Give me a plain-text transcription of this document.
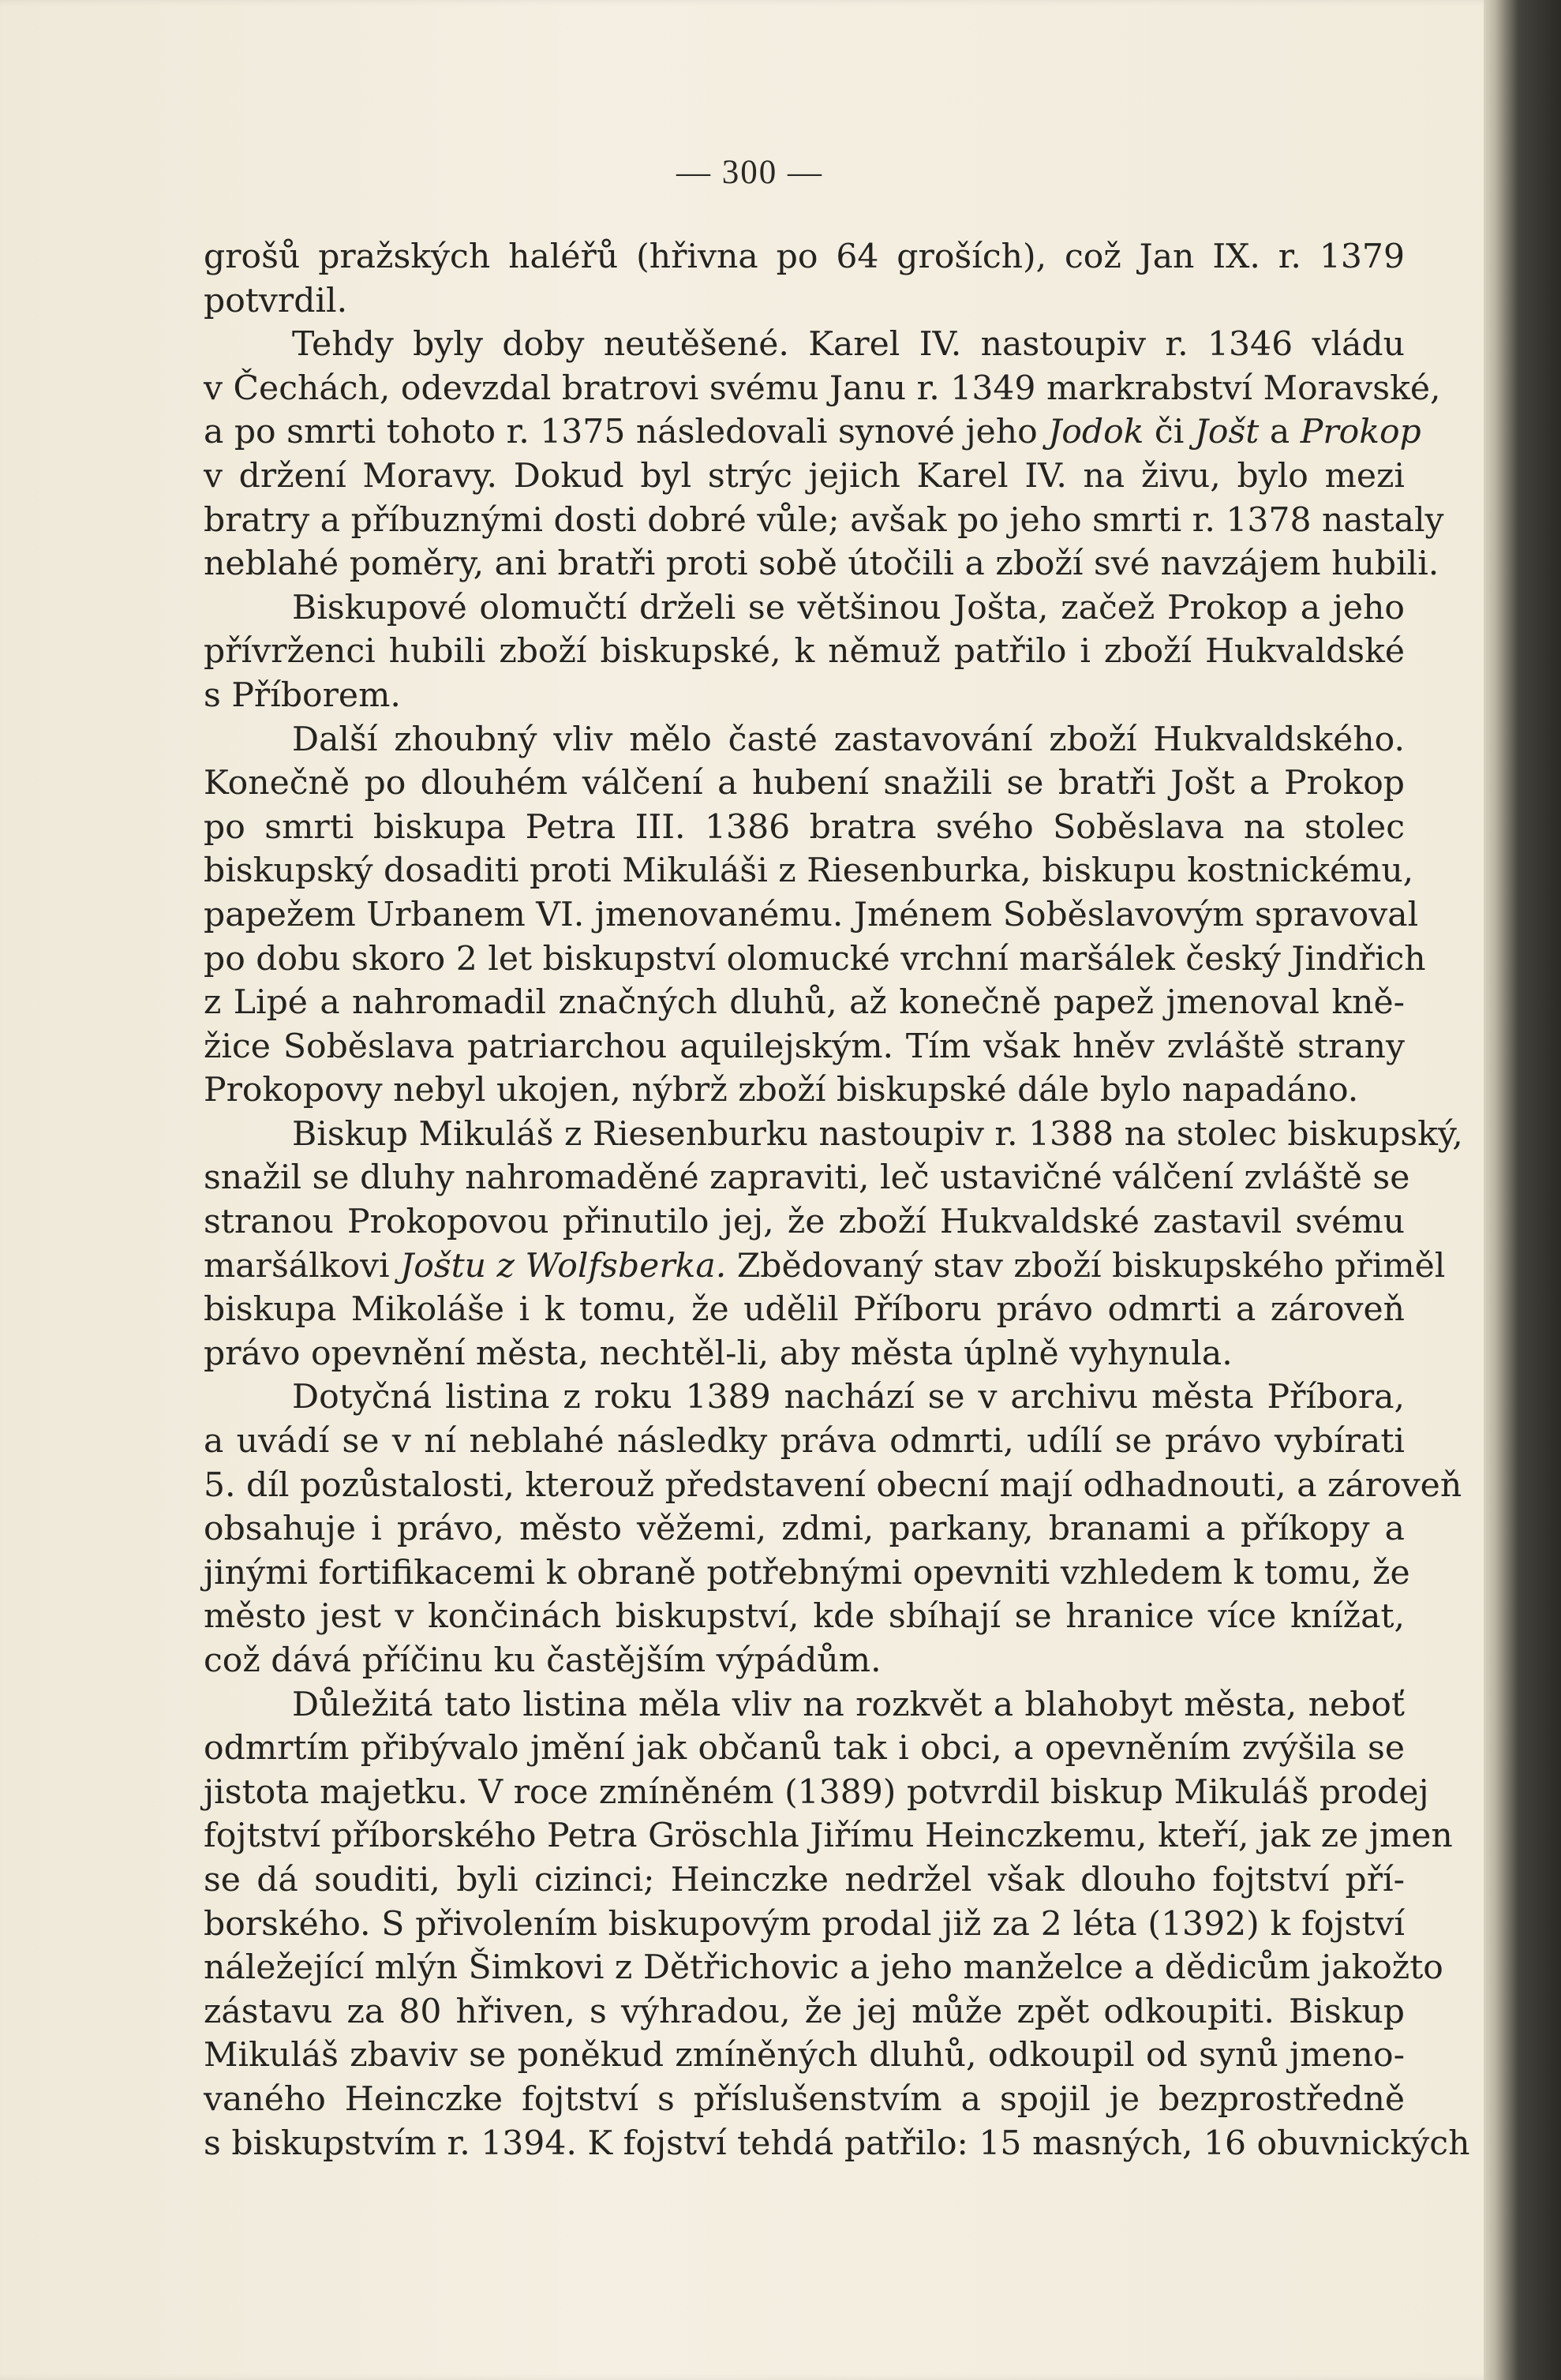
— 300 —
grošů pražských haléřů (hřivna po 64 groších), což Jan IX. r. 1379
potvrdil.
Tehdy byly doby neutěšené. Karel IV. nastoupiv r. 1346 vládu
v Čechách, odevzdal bratrovi svému Janu r. 1349 markrabství Moravské,
a po smrti tohoto r. 1375 následovali synové jeho Jodok či Jošt a Prokop
v držení Moravy. Dokud byl strýc jejich Karel IV. na živu, bylo mezi
bratry a příbuznými dosti dobré vůle; avšak po jeho smrti r. 1378 nastaly
neblahé poměry, ani bratři proti sobě útočili a zboží své navzájem hubili.
Biskupové olomučtí drželi se většinou Jošta, začež Prokop a jeho
přívrženci hubili zboží biskupské, k němuž patřilo i zboží Hukvaldské
s Příborem.
Další zhoubný vliv mělo časté zastavování zboží Hukvaldského.
Konečně po dlouhém válčení a hubení snažili se bratři Jošt a Prokop
po smrti biskupa Petra III. 1386 bratra svého Soběslava na stolec
biskupský dosaditi proti Mikuláši z Riesenburka, biskupu kostnickému,
papežem Urbanem VI. jmenovanému. Jménem Soběslavovým spravoval
po dobu skoro 2 let biskupství olomucké vrchní maršálek český Jindřich
z Lipé a nahromadil značných dluhů, až konečně papež jmenoval kně-
žice Soběslava patriarchou aquilejským. Tím však hněv zvláště strany
Prokopovy nebyl ukojen, nýbrž zboží biskupské dále bylo napadáno.
Biskup Mikuláš z Riesenburku nastoupiv r. 1388 na stolec biskupský,
snažil se dluhy nahromaděné zapraviti, leč ustavičné válčení zvláště se
stranou Prokopovou přinutilo jej, že zboží Hukvaldské zastavil svému
maršálkovi Joštu z Wolfsberka. Zbědovaný stav zboží biskupského přiměl
biskupa Mikoláše i k tomu, že udělil Příboru právo odmrti a zároveň
právo opevnění města, nechtěl-li, aby města úplně vyhynula.
Dotyčná listina z roku 1389 nachází se v archivu města Příbora,
a uvádí se v ní neblahé následky práva odmrti, udílí se právo vybírati
5. díl pozůstalosti, kterouž představení obecní mají odhadnouti, a zároveň
obsahuje i právo, město věžemi, zdmi, parkany, branami a příkopy a
jinými fortifikacemi k obraně potřebnými opevniti vzhledem k tomu, že
město jest v končinách biskupství, kde sbíhají se hranice více knížat,
což dává příčinu ku častějším výpádům.
Důležitá tato listina měla vliv na rozkvět a blahobyt města, neboť
odmrtím přibývalo jmění jak občanů tak i obci, a opevněním zvýšila se
jistota majetku. V roce zmíněném (1389) potvrdil biskup Mikuláš prodej
fojtství příborského Petra Gröschla Jiřímu Heinczkemu, kteří, jak ze jmen
se dá souditi, byli cizinci; Heinczke nedržel však dlouho fojtství pří-
borského. S přivolením biskupovým prodal již za 2 léta (1392) k fojství
náležející mlýn Šimkovi z Dětřichovic a jeho manželce a dědicům jakožto
zástavu za 80 hřiven, s výhradou, že jej může zpět odkoupiti. Biskup
Mikuláš zbaviv se poněkud zmíněných dluhů, odkoupil od synů jmeno-
vaného Heinczke fojtství s příslušenstvím a spojil je bezprostředně
s biskupstvím r. 1394. K fojství tehdá patřilo: 15 masných, 16 obuvnických
